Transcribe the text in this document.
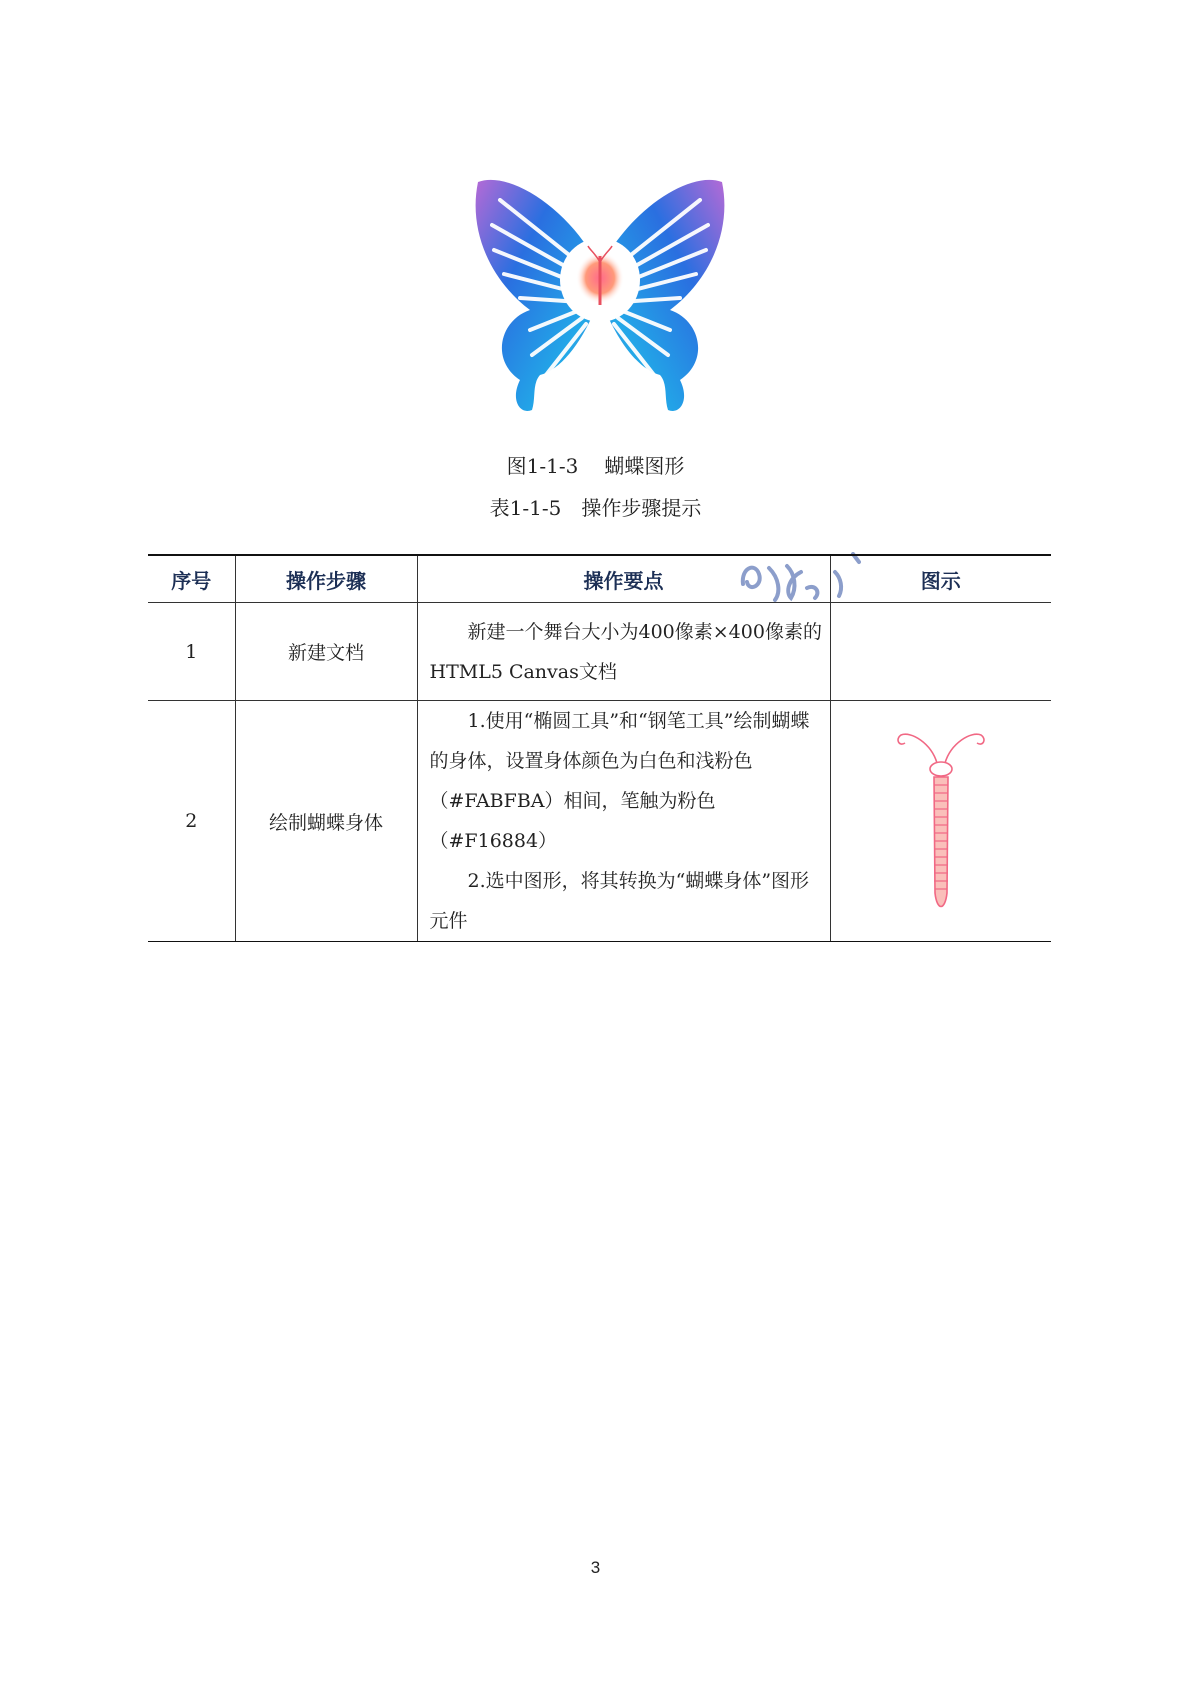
图1-1-3 蝴蝶图形
表1-1-5　操作步骤提示
序号	操作步骤	操作要点	图示
1	新建文档	新建一个舞台大小为400像素×400像素的HTML5 Canvas文档	

2	绘制蝴蝶身体	1.使用“椭圆工具”和“钢笔工具”绘制蝴蝶的身体，设置身体颜色为白色和浅粉色（#FABFBA）相间，笔触为粉色（#F16884）

2.选中图形，将其转换为“蝴蝶身体”图形元件

3
